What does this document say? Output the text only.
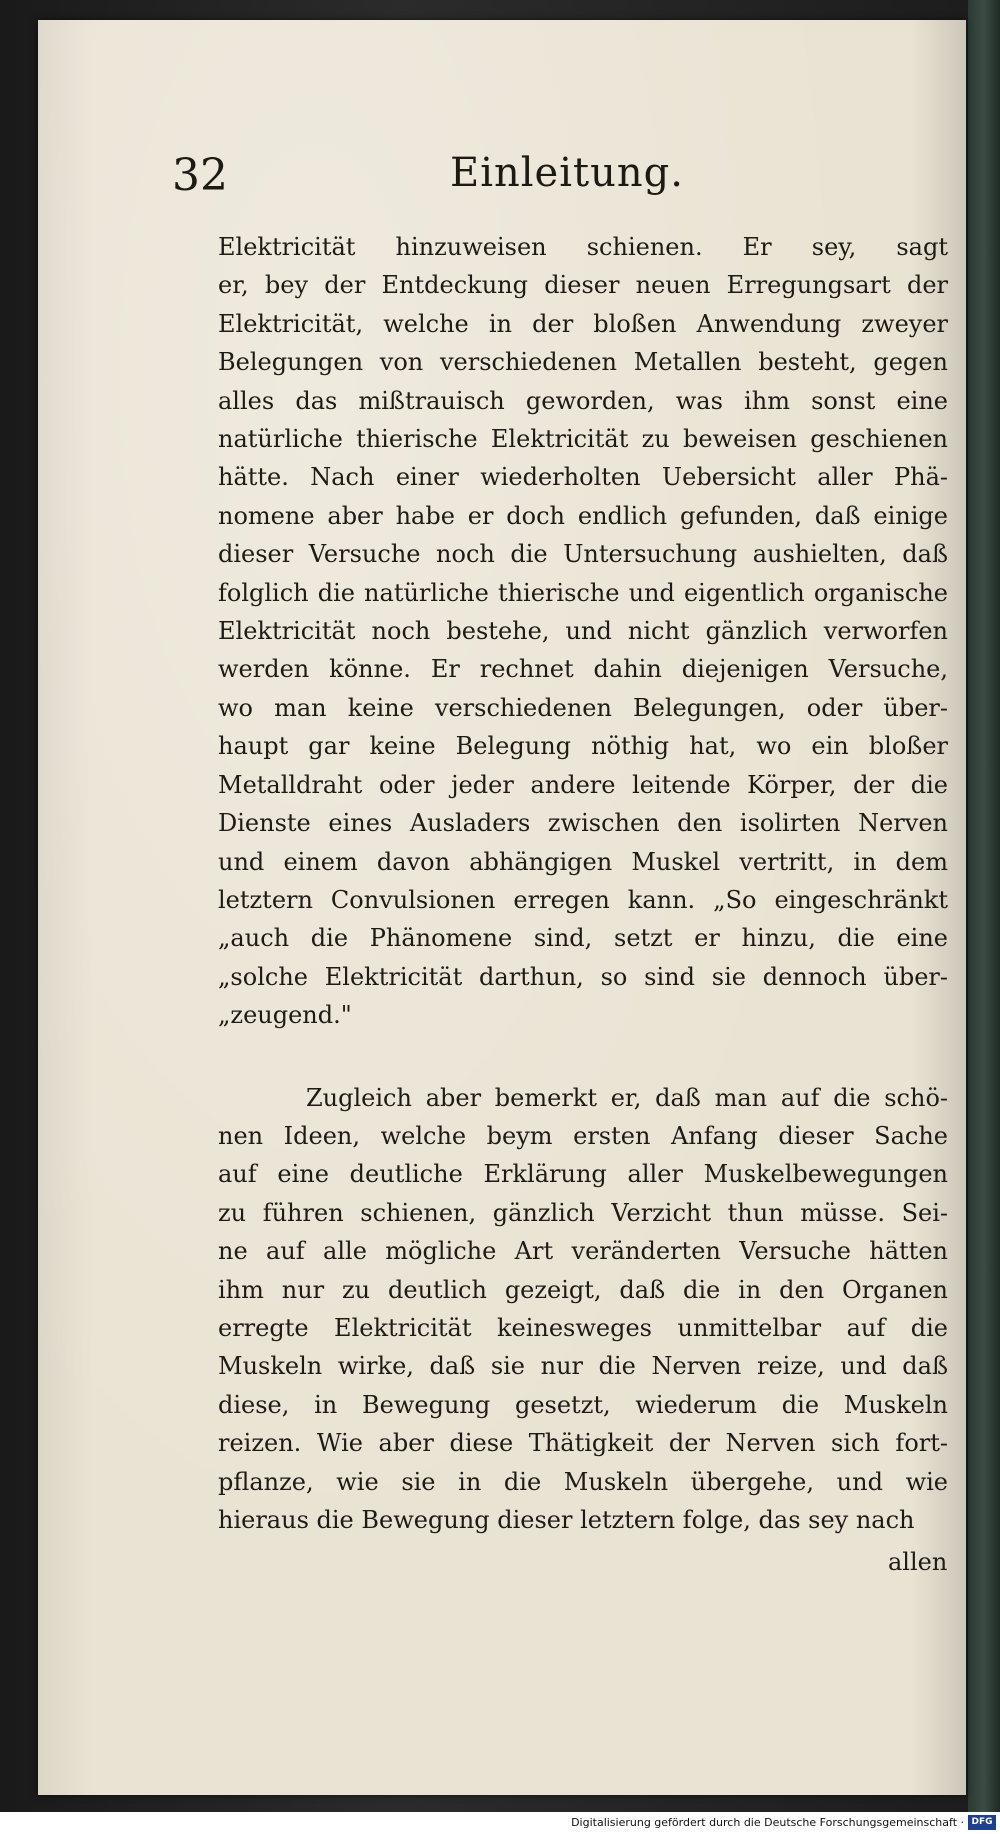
32	Einleitung.
Elektricität hinzuweisen schienen. Er sey, sagt
er, bey der Entdeckung dieser neuen Erregungsart der
Elektricität, welche in der bloßen Anwendung zweyer
Belegungen von verschiedenen Metallen besteht, gegen
alles das mißtrauisch geworden, was ihm sonst eine
natürliche thierische Elektricität zu beweisen geschienen
hätte. Nach einer wiederholten Uebersicht aller Phä-
nomene aber habe er doch endlich gefunden, daß einige
dieser Versuche noch die Untersuchung aushielten, daß
folglich die natürliche thierische und eigentlich organische
Elektricität noch bestehe, und nicht gänzlich verworfen
werden könne. Er rechnet dahin diejenigen Versuche,
wo man keine verschiedenen Belegungen, oder über-
haupt gar keine Belegung nöthig hat, wo ein bloßer
Metalldraht oder jeder andere leitende Körper, der die
Dienste eines Ausladers zwischen den isolirten Nerven
und einem davon abhängigen Muskel vertritt, in dem
letztern Convulsionen erregen kann. „So eingeschränkt
„auch die Phänomene sind, setzt er hinzu, die eine
„solche Elektricität darthun, so sind sie dennoch über-
„zeugend."
Zugleich aber bemerkt er, daß man auf die schö-
nen Ideen, welche beym ersten Anfang dieser Sache
auf eine deutliche Erklärung aller Muskelbewegungen
zu führen schienen, gänzlich Verzicht thun müsse. Sei-
ne auf alle mögliche Art veränderten Versuche hätten
ihm nur zu deutlich gezeigt, daß die in den Organen
erregte Elektricität keinesweges unmittelbar auf die
Muskeln wirke, daß sie nur die Nerven reize, und daß
diese, in Bewegung gesetzt, wiederum die Muskeln
reizen. Wie aber diese Thätigkeit der Nerven sich fort-
pflanze, wie sie in die Muskeln übergehe, und wie
hieraus die Bewegung dieser letztern folge, das sey nach
allen
Digitalisierung gefördert durch die Deutsche Forschungsgemeinschaft · DFG
